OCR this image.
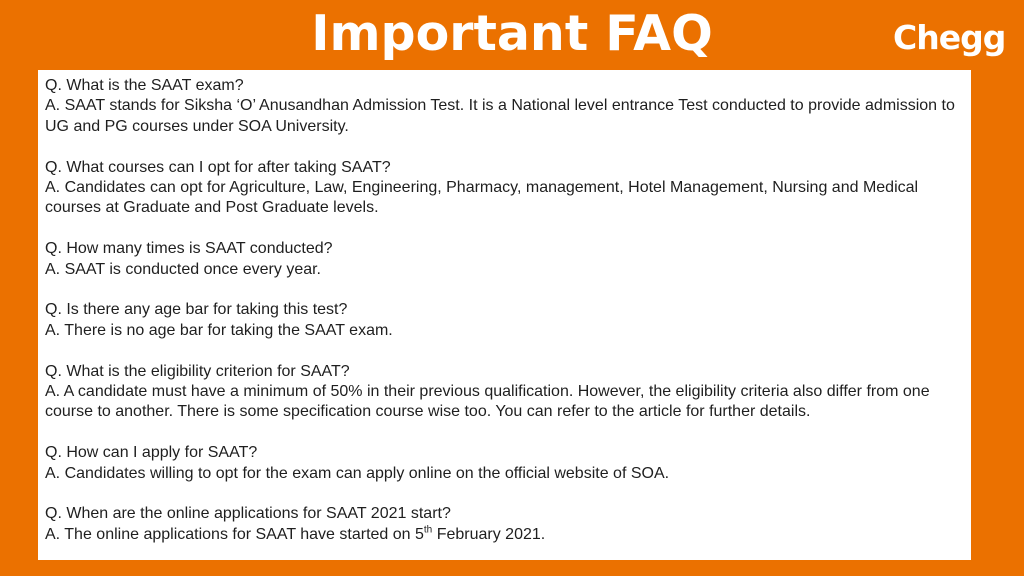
Important FAQ	Chegg

Q. What is the SAAT exam?

A. SAAT stands for Siksha ‘O’ Anusandhan Admission Test. It is a National level entrance Test conducted to provide admission to UG and PG courses under SOA University.

Q. What courses can I opt for after taking SAAT?

A. Candidates can opt for Agriculture, Law, Engineering, Pharmacy, management, Hotel Management, Nursing and Medical courses at Graduate and Post Graduate levels.

Q. How many times is SAAT conducted?

A. SAAT is conducted once every year.

Q. Is there any age bar for taking this test?

A. There is no age bar for taking the SAAT exam.

Q. What is the eligibility criterion for SAAT?

A. A candidate must have a minimum of 50% in their previous qualification. However, the eligibility criteria also differ from one course to another. There is some specification course wise too. You can refer to the article for further details.

Q. How can I apply for SAAT?

A. Candidates willing to opt for the exam can apply online on the official website of SOA.

Q. When are the online applications for SAAT 2021 start?

A. The online applications for SAAT have started on 5th February 2021.
